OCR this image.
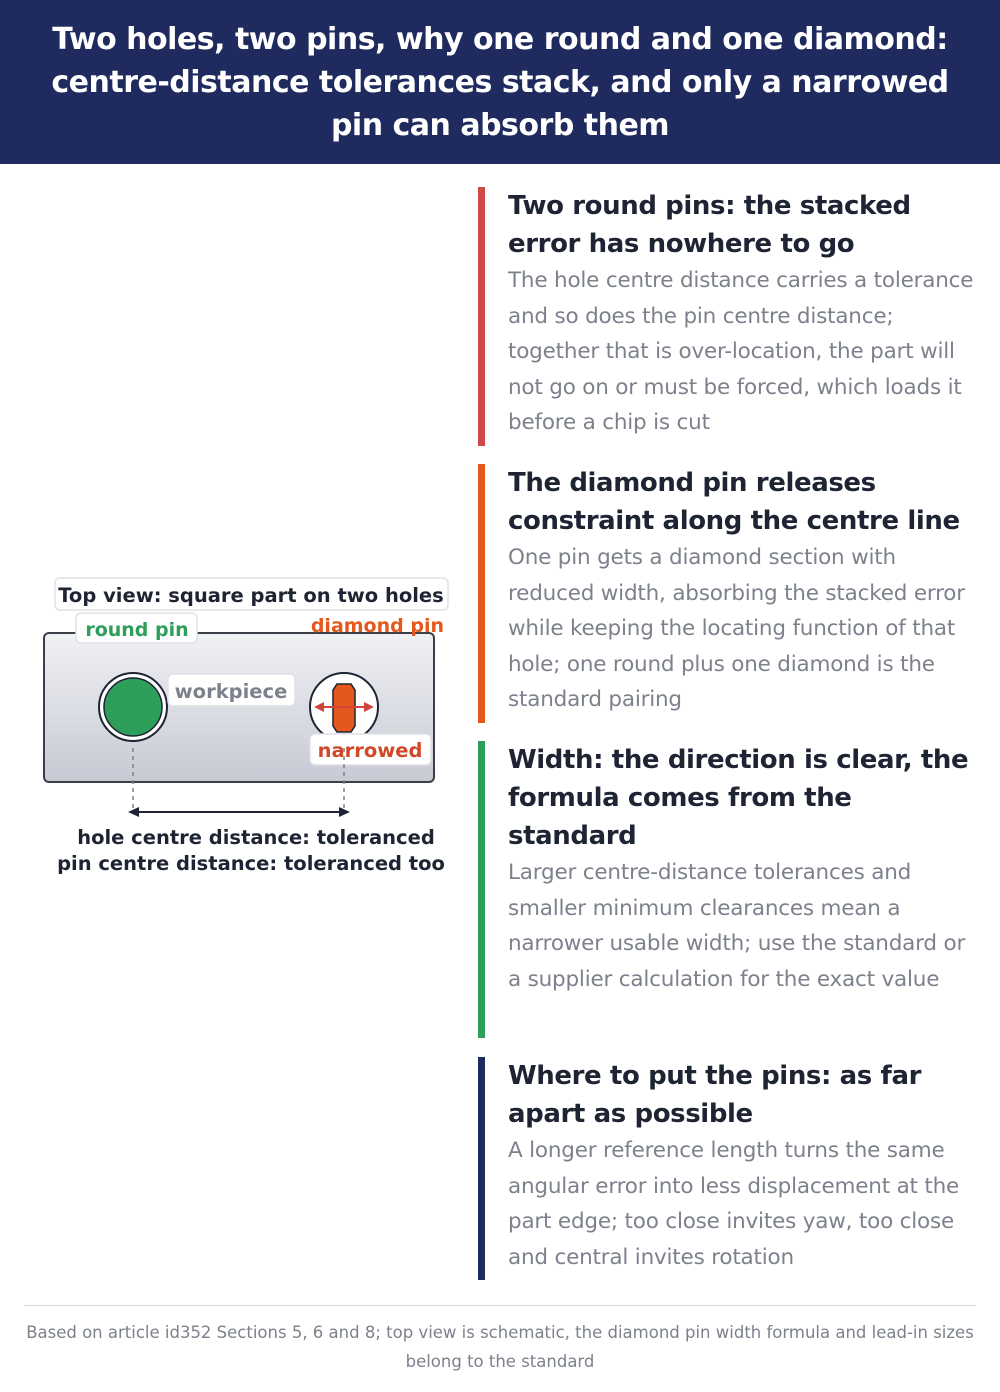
Two holes, two pins, why one round and one diamond: centre-distance tolerances stack, and only a narrowed pin can absorb them
Top view: square part on two holes
round pin	diamond pin
workpiece
narrowed
hole centre distance: toleranced
pin centre distance: toleranced too
Two round pins: the stacked error has nowhere to go

The hole centre distance carries a tolerance and so does the pin centre distance; together that is over-location, the part will not go on or must be forced, which loads it before a chip is cut

The diamond pin releases constraint along the centre line

One pin gets a diamond section with reduced width, absorbing the stacked error while keeping the locating function of that hole; one round plus one diamond is the standard pairing

Width: the direction is clear, the formula comes from the standard

Larger centre-distance tolerances and smaller minimum clearances mean a narrower usable width; use the standard or a supplier calculation for the exact value

Where to put the pins: as far apart as possible

A longer reference length turns the same angular error into less displacement at the part edge; too close invites yaw, too close and central invites rotation

Based on article id352 Sections 5, 6 and 8; top view is schematic, the diamond pin width formula and lead-in sizes belong to the standard
